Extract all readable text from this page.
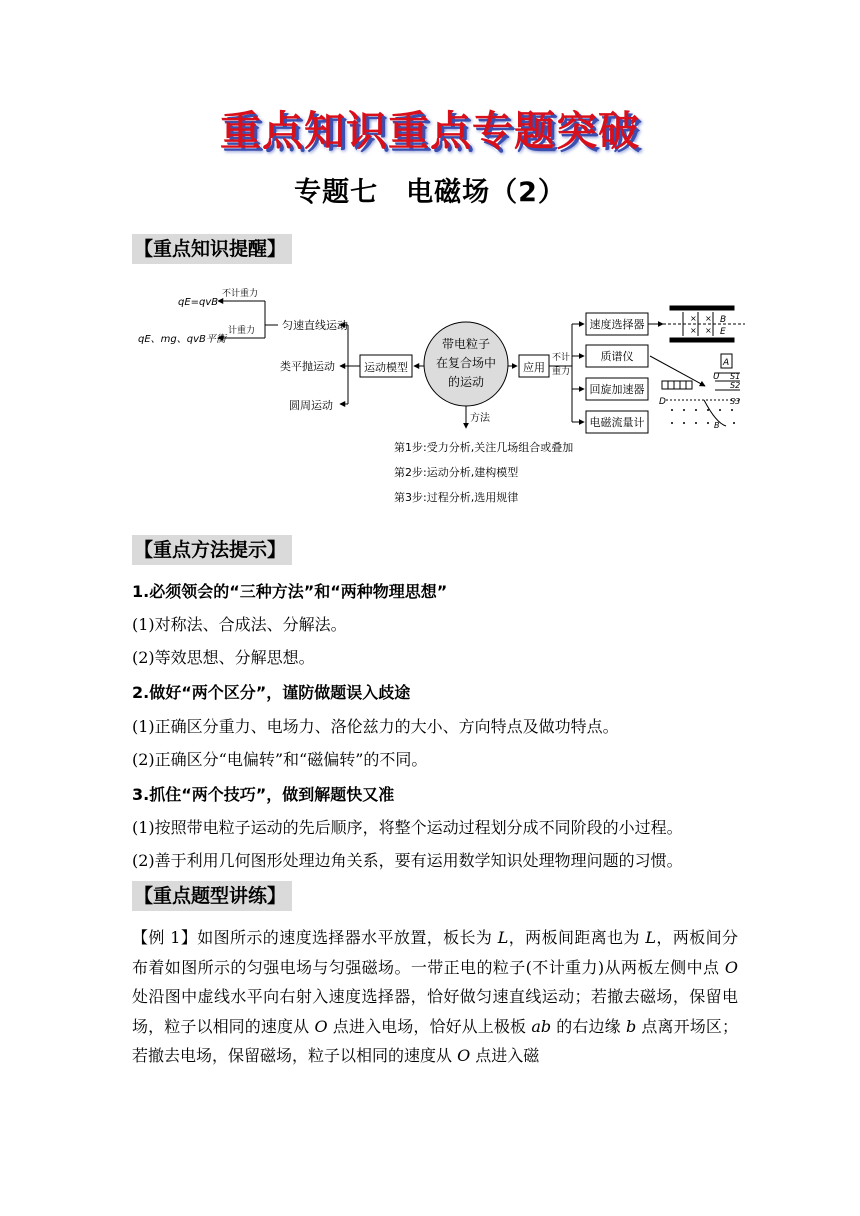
重点知识重点专题突破
专题七　电磁场（2）
【重点知识提醒】
带电粒子
在复合场中
的运动
运动模型	应用
匀速直线运动
类平抛运动
圆周运动
不计重力
计重力
qE=qvB
qE、mg、qvB平衡
不计
重力
速度选择器
质谱仪
回旋加速器
电磁流量计
方法
第1步:受力分析,关注几场组合或叠加
第2步:运动分析,建构模型
第3步:过程分析,选用规律
×
×
×
×
B
E
A
U S1
S2
S3
D
B
【重点方法提示】
1.必须领会的“三种方法”和“两种物理思想”
(1)对称法、合成法、分解法。
(2)等效思想、分解思想。
2.做好“两个区分”，谨防做题误入歧途
(1)正确区分重力、电场力、洛伦兹力的大小、方向特点及做功特点。
(2)正确区分“电偏转”和“磁偏转”的不同。
3.抓住“两个技巧”，做到解题快又准
(1)按照带电粒子运动的先后顺序，将整个运动过程划分成不同阶段的小过程。
(2)善于利用几何图形处理边角关系，要有运用数学知识处理物理问题的习惯。
【重点题型讲练】
【例 1】如图所示的速度选择器水平放置，板长为 L，两板间距离也为 L，两板间分布着如图所示的匀强电场与匀强磁场。一带正电的粒子(不计重力)从两板左侧中点 O 处沿图中虚线水平向右射入速度选择器，恰好做匀速直线运动；若撤去磁场，保留电场，粒子以相同的速度从 O 点进入电场，恰好从上极板 ab 的右边缘 b 点离开场区；若撤去电场，保留磁场，粒子以相同的速度从 O 点进入磁
